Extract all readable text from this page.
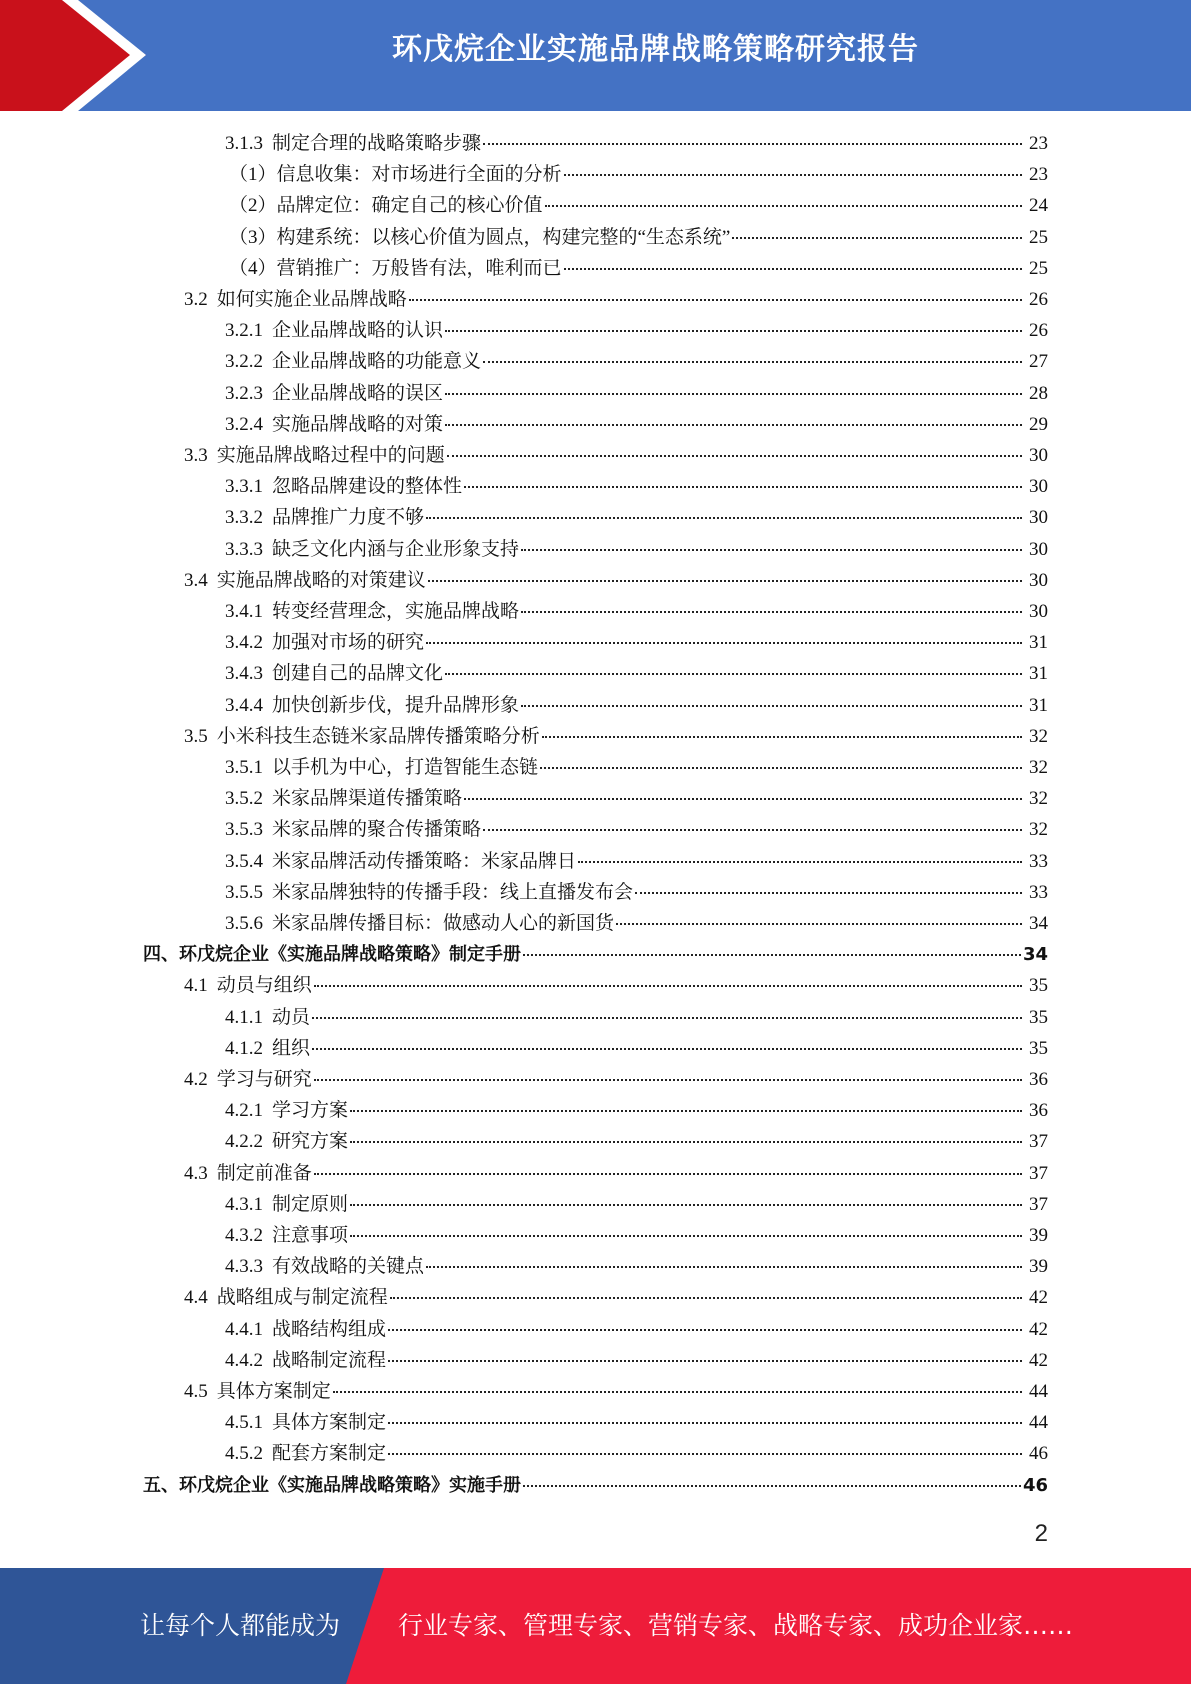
环戊烷企业实施品牌战略策略研究报告
3.1.3 制定合理的战略策略步骤	23
（1）信息收集：对市场进行全面的分析	23
（2）品牌定位：确定自己的核心价值	24
（3）构建系统：以核心价值为圆点，构建完整的“生态系统”	25
（4）营销推广：万般皆有法，唯利而已	25
3.2 如何实施企业品牌战略	26
3.2.1 企业品牌战略的认识	26
3.2.2 企业品牌战略的功能意义	27
3.2.3 企业品牌战略的误区	28
3.2.4 实施品牌战略的对策	29
3.3 实施品牌战略过程中的问题	30
3.3.1 忽略品牌建设的整体性	30
3.3.2 品牌推广力度不够	30
3.3.3 缺乏文化内涵与企业形象支持	30
3.4 实施品牌战略的对策建议	30
3.4.1 转变经营理念，实施品牌战略	30
3.4.2 加强对市场的研究	31
3.4.3 创建自己的品牌文化	31
3.4.4 加快创新步伐，提升品牌形象	31
3.5 小米科技生态链米家品牌传播策略分析	32
3.5.1 以手机为中心，打造智能生态链	32
3.5.2 米家品牌渠道传播策略	32
3.5.3 米家品牌的聚合传播策略	32
3.5.4 米家品牌活动传播策略：米家品牌日	33
3.5.5 米家品牌独特的传播手段：线上直播发布会	33
3.5.6 米家品牌传播目标：做感动人心的新国货	34
四、环戊烷企业《实施品牌战略策略》制定手册	34
4.1 动员与组织	35
4.1.1 动员	35
4.1.2 组织	35
4.2 学习与研究	36
4.2.1 学习方案	36
4.2.2 研究方案	37
4.3 制定前准备	37
4.3.1 制定原则	37
4.3.2 注意事项	39
4.3.3 有效战略的关键点	39
4.4 战略组成与制定流程	42
4.4.1 战略结构组成	42
4.4.2 战略制定流程	42
4.5 具体方案制定	44
4.5.1 具体方案制定	44
4.5.2 配套方案制定	46
五、环戊烷企业《实施品牌战略策略》实施手册	46
2
让每个人都能成为 行业专家、管理专家、营销专家、战略专家、成功企业家……
